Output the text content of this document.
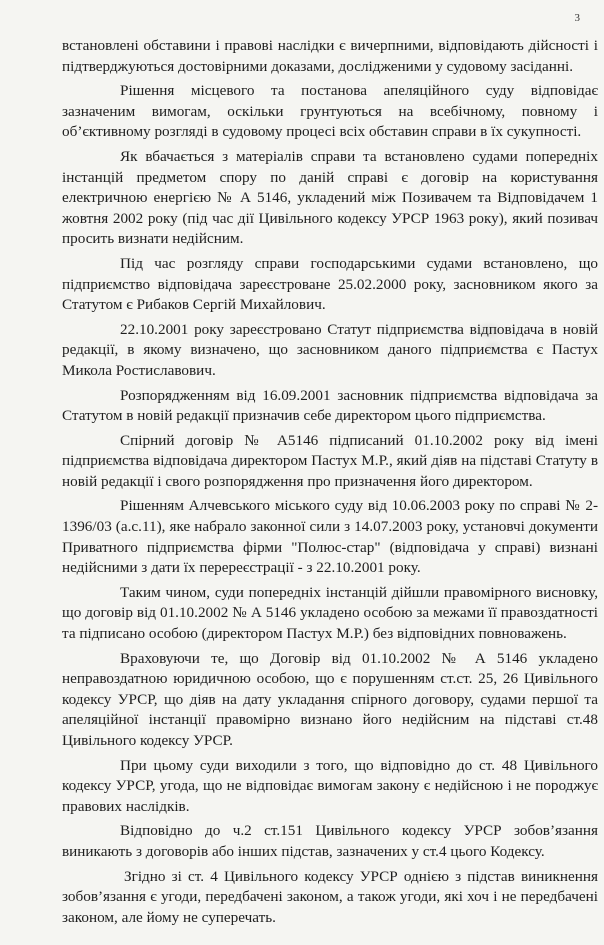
3

встановлені обставини і правові наслідки є вичерпними, відповідають дійсності і підтверджуються достовірними доказами, дослідженими у судовому засіданні.

Рішення місцевого та постанова апеляційного суду відповідає зазначеним вимогам, оскільки грунтуються на всебічному, повному і об’єктивному розгляді в судовому процесі всіх обставин справи в їх сукупності.

Як вбачається з матеріалів справи та встановлено судами попередніх інстанцій предметом спору по даній справі є договір на користування електричною енергією № А 5146, укладений між Позивачем та Відповідачем 1 жовтня 2002 року (під час дії Цивільного кодексу УРСР 1963 року), який позивач просить визнати недійсним.

Під час розгляду справи господарськими судами встановлено, що підприємство відповідача зареєстроване 25.02.2000 року, засновником якого за Статутом є Рибаков Сергій Михайлович.

22.10.2001 року зареєстровано Статут підприємства відповідача в новій редакції, в якому визначено, що засновником даного підприємства є Пастух Микола Ростиславович.

Розпорядженням від 16.09.2001 засновник підприємства відповідача за Статутом в новій редакції призначив себе директором цього підприємства.

Спірний договір № А5146 підписаний 01.10.2002 року від імені підприємства відповідача директором Пастух М.Р., який діяв на підставі Статуту в новій редакції і свого розпорядження про призначення його директором.

Рішенням Алчевського міського суду від 10.06.2003 року по справі № 2-1396/03 (а.с.11), яке набрало законної сили з 14.07.2003 року, установчі документи Приватного підприємства фірми "Полюс-стар" (відповідача у справі) визнані недійсними з дати їх перереєстрації - з 22.10.2001 року.

Таким чином, суди попередніх інстанцій дійшли правомірного висновку, що договір від 01.10.2002 № А 5146 укладено особою за межами її правоздатності та підписано особою (директором Пастух М.Р.) без відповідних повноважень.

Враховуючи те, що Договір від 01.10.2002 № А 5146 укладено неправоздатною юридичною особою, що є порушенням ст.ст. 25, 26 Цивільного кодексу УРСР, що діяв на дату укладання спірного договору, судами першої та апеляційної інстанції правомірно визнано його недійсним на підставі ст.48 Цивільного кодексу УРСР.

При цьому суди виходили з того, що відповідно до ст. 48 Цивільного кодексу УРСР, угода, що не відповідає вимогам закону є недійсною і не породжує правових наслідків.

Відповідно до ч.2 ст.151 Цивільного кодексу УРСР зобов’язання виникають з договорів або інших підстав, зазначених у ст.4 цього Кодексу.

Згідно зі ст. 4 Цивільного кодексу УРСР однією з підстав виникнення зобов’язання є угоди, передбачені законом, а також угоди, які хоч і не передбачені законом, але йому не суперечать.
